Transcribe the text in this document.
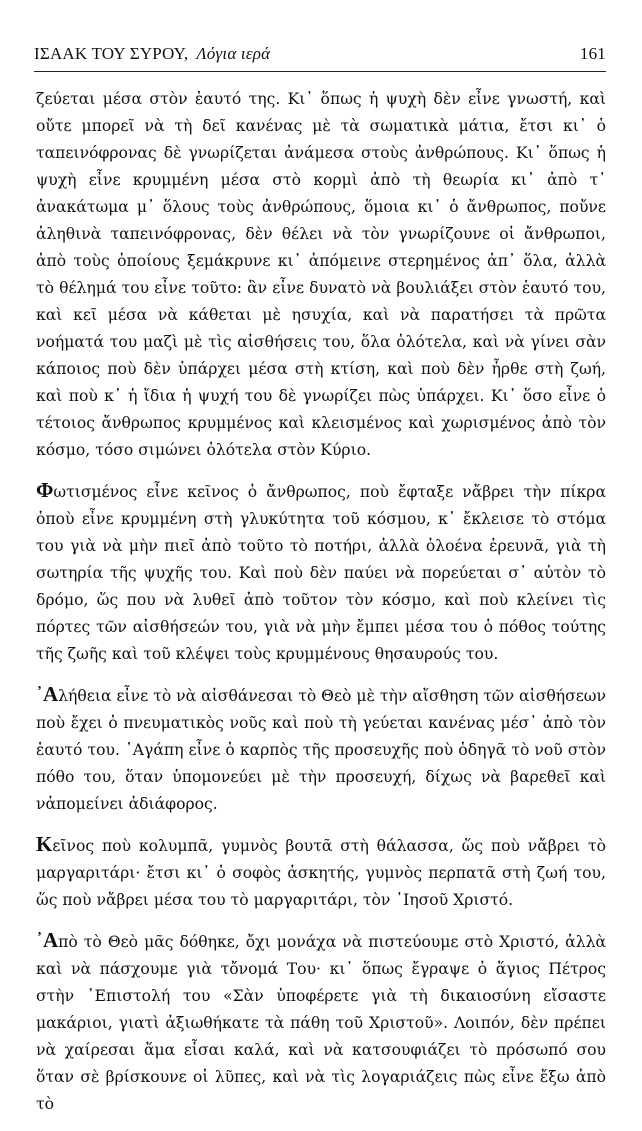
ΙΣΑΑΚ ΤΟΥ ΣΥΡΟΥ, Λόγια ιερά	161

ζεύεται μέσα στὸν ἑαυτό της. Κι᾽ ὅπως ἡ ψυχὴ δὲν εἶνε γνωστή, καὶ οὔτε μπορεῖ νὰ τὴ δεῖ κανένας μὲ τὰ σωματικὰ μάτια, ἔτσι κι᾽ ὁ ταπεινόφρονας δὲ γνωρίζεται ἀνάμεσα στοὺς ἀνθρώπους. Κι᾽ ὅπως ἡ ψυχὴ εἶνε κρυμμένη μέσα στὸ κορμὶ ἀπὸ τὴ θεωρία κι᾽ ἀπὸ τ᾽ ἀνακάτωμα μ᾽ ὅλους τοὺς ἀνθρώπους, ὅμοια κι᾽ ὁ ἄνθρωπος, ποὔνε ἀληθινὰ ταπεινόφρονας, δὲν θέλει νὰ τὸν γνωρίζουνε οἱ ἄνθρωποι, ἀπὸ τοὺς ὁποίους ξεμάκρυνε κι᾽ ἀπόμεινε στερημένος ἀπ᾽ ὅλα, ἀλλὰ τὸ θέλημά του εἶνε τοῦτο: ἂν εἶνε δυνατὸ νὰ βουλιάξει στὸν ἑαυτό του, καὶ κεῖ μέσα νὰ κάθεται μὲ ησυχία, καὶ νὰ παρατήσει τὰ πρῶτα νοήματά του μαζὶ μὲ τὶς αἰσθήσεις του, ὅλα ὁλότελα, καὶ νὰ γίνει σὰν κάποιος ποὺ δὲν ὑπάρχει μέσα στὴ κτίση, καὶ ποὺ δὲν ἦρθε στὴ ζωή, καὶ ποὺ κ᾽ ἡ ἴδια ἡ ψυχή του δὲ γνωρίζει πὼς ὑπάρχει. Κι᾽ ὅσο εἶνε ὁ τέτοιος ἄνθρωπος κρυμμένος καὶ κλεισμένος καὶ χωρισμένος ἀπὸ τὸν κόσμο, τόσο σιμώνει ὁλότελα στὸν Κύριο.

Φωτισμένος εἶνε κεῖνος ὁ ἄνθρωπος, ποὺ ἔφταξε νἄβρει τὴν πίκρα ὁποὺ εἶνε κρυμμένη στὴ γλυκύτητα τοῦ κόσμου, κ᾽ ἔκλεισε τὸ στόμα του γιὰ νὰ μὴν πιεῖ ἀπὸ τοῦτο τὸ ποτήρι, ἀλλὰ ὁλοένα ἐρευνᾶ, γιὰ τὴ σωτηρία τῆς ψυχῆς του. Καὶ ποὺ δὲν παύει νὰ πορεύεται σ᾽ αὐτὸν τὸ δρόμο, ὥς που νὰ λυθεῖ ἀπὸ τοῦτον τὸν κόσμο, καὶ ποὺ κλείνει τὶς πόρτες τῶν αἰσθήσεών του, γιὰ νὰ μὴν ἔμπει μέσα του ὁ πόθος τούτης τῆς ζωῆς καὶ τοῦ κλέψει τοὺς κρυμμένους θησαυρούς του.

᾽Αλήθεια εἶνε τὸ νὰ αἰσθάνεσαι τὸ Θεὸ μὲ τὴν αἴσθηση τῶν αἰσθήσεων ποὺ ἔχει ὁ πνευματικὸς νοῦς καὶ ποὺ τὴ γεύεται κανένας μέσ᾽ ἀπὸ τὸν ἑαυτό του. ᾽Αγάπη εἶνε ὁ καρπὸς τῆς προσευχῆς ποὺ ὁδηγᾶ τὸ νοῦ στὸν πόθο του, ὅταν ὑπομονεύει μὲ τὴν προσευχή, δίχως νὰ βαρεθεῖ καὶ νἀπομείνει ἀδιάφορος.

Κεῖνος ποὺ κολυμπᾶ, γυμνὸς βουτᾶ στὴ θάλασσα, ὥς ποὺ νἄβρει τὸ μαργαριτάρι· ἔτσι κι᾽ ὁ σοφὸς ἀσκητής, γυμνὸς περπατᾶ στὴ ζωή του, ὥς ποὺ νἄβρει μέσα του τὸ μαργαριτάρι, τὸν ᾽Ιησοῦ Χριστό.

᾽Απὸ τὸ Θεὸ μᾶς δόθηκε, ὄχι μονάχα νὰ πιστεύουμε στὸ Χριστό, ἀλλὰ καὶ νὰ πάσχουμε γιὰ τὄνομά Του· κι᾽ ὅπως ἔγραψε ὁ ἅγιος Πέτρος στὴν ᾽Επιστολή του «Σὰν ὑποφέρετε γιὰ τὴ δικαιοσύνη εἴσαστε μακάριοι, γιατὶ ἀξιωθήκατε τὰ πάθη τοῦ Χριστοῦ». Λοιπόν, δὲν πρέπει νὰ χαίρεσαι ἅμα εἶσαι καλά, καὶ νὰ κατσουφιάζει τὸ πρόσωπό σου ὅταν σὲ βρίσκουνε οἱ λῦπες, καὶ νὰ τὶς λογαριάζεις πὼς εἶνε ἔξω ἀπὸ τὸ
